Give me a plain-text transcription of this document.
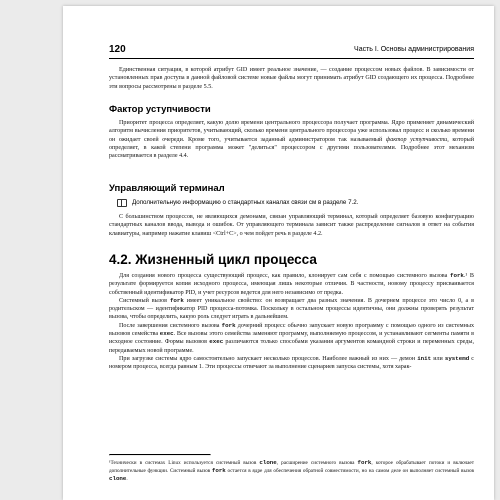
120	Часть I. Основы администрирования

Единственная ситуация, в которой атрибут GID имеет реальное значение, — создание процессом новых файлов. В зависимости от установленных прав доступа в данной файловой системе новые файлы могут принимать атрибут GID создающего их процесса. Подробнее эти вопросы рассмотрены в разделе 5.5.

Фактор уступчивости

Приоритет процесса определяет, какую долю времени центрального процессора получает программа. Ядро применяет динамический алгоритм вычисления приоритетов, учитывающий, сколько времени центрального процессора уже использовал процесс и сколько времени он ожидает своей очереди. Кроме того, учитывается заданный администратором так называемый фактор уступчивости, который определяет, в какой степени программа может "делиться" процессором с другими пользователями. Подробнее этот механизм рассматривается в разделе 4.4.

Управляющий терминал

Дополнительную информацию о стандартных каналах связи см в разделе 7.2.

С большинством процессов, не являющихся демонами, связан управляющий терминал, который определяет базовую конфигурацию стандартных каналов ввода, вывода и ошибок. От управляющего терминала зависит также распределение сигналов в ответ на события клавиатуры, например нажатие клавиш <Ctrl+C>, о чем пойдет речь в разделе 4.2.

4.2. Жизненный цикл процесса

Для создания нового процесса существующий процесс, как правило, клонирует сам себя с помощью системного вызова fork.¹ В результате формируется копия исходного процесса, имеющая лишь некоторые отличия. В частности, новому процессу присваивается собственный идентификатор PID, и учет ресурсов ведется для него независимо от предка.

Системный вызов fork имеет уникальное свойство: он возвращает два разных значения. В дочернем процессе это число 0, а в родительском — идентификатор PID процесса-потомка. Поскольку в остальном процессы идентичны, они должны проверять результат вызова, чтобы определить, какую роль следует играть в дальнейшем.

После завершения системного вызова fork дочерний процесс обычно запускает новую программу с помощью одного из системных вызовов семейства exec. Все вызовы этого семейства заменяют программу, выполняемую процессом, и устанавливают сегменты памяти в исходное состояние. Формы вызовов exec различаются только способами указания аргументов командной строки и переменных среды, передаваемых новой программе.

При загрузке системы ядро самостоятельно запускает несколько процессов. Наиболее важный из них — демон init или systemd с номером процесса, всегда равным 1. Эти процессы отвечают за выполнение сценариев запуска системы, хотя харак-

¹Технически в системах Linux используется системный вызов clone, расширение системного вызова fork, которое обрабатывает потоки и включает дополнительные функции. Системный вызов fork остается в ядре для обеспечения обратной совместимости, но на самом деле он выполняет системный вызов clone.
